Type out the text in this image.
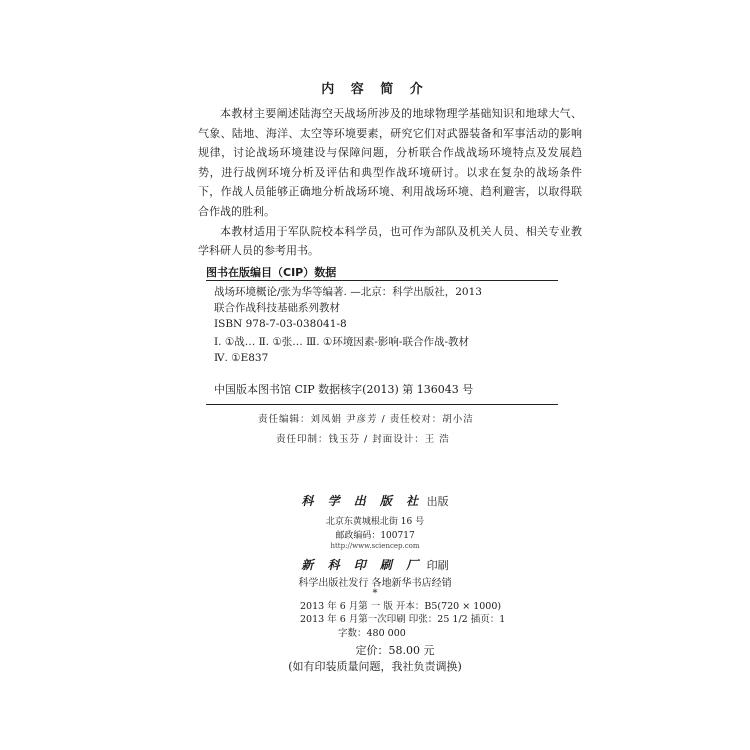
内 容 简 介

本教材主要阐述陆海空天战场所涉及的地球物理学基础知识和地球大气、气象、陆地、海洋、太空等环境要素，研究它们对武器装备和军事活动的影响规律，讨论战场环境建设与保障问题，分析联合作战战场环境特点及发展趋势，进行战例环境分析及评估和典型作战环境研讨。以求在复杂的战场条件下，作战人员能够正确地分析战场环境、利用战场环境、趋利避害，以取得联合作战的胜利。

本教材适用于军队院校本科学员，也可作为部队及机关人员、相关专业教学科研人员的参考用书。

图书在版编目（CIP）数据
战场环境概论/张为华等编著. —北京：科学出版社，2013
联合作战科技基础系列教材
ISBN 978-7-03-038041-8
Ⅰ. ①战… Ⅱ. ①张… Ⅲ. ①环境因素-影响-联合作战-教材
Ⅳ. ①E837
中国版本图书馆 CIP 数据核字(2013) 第 136043 号
责任编辑：刘凤娟 尹彦芳 / 责任校对：胡小洁
责任印制：钱玉芬 / 封面设计：王 浩
科 学 出 版 社 出版
北京东黄城根北街 16 号
邮政编码：100717
http://www.sciencep.com
新 科 印 刷 厂 印刷
科学出版社发行 各地新华书店经销
*
2013 年 6 月第 一 版 开本：B5(720 × 1000)
2013 年 6 月第一次印刷 印张：25 1/2 插页：1
字数：480 000
定价：58.00 元
(如有印装质量问题，我社负责调换)
